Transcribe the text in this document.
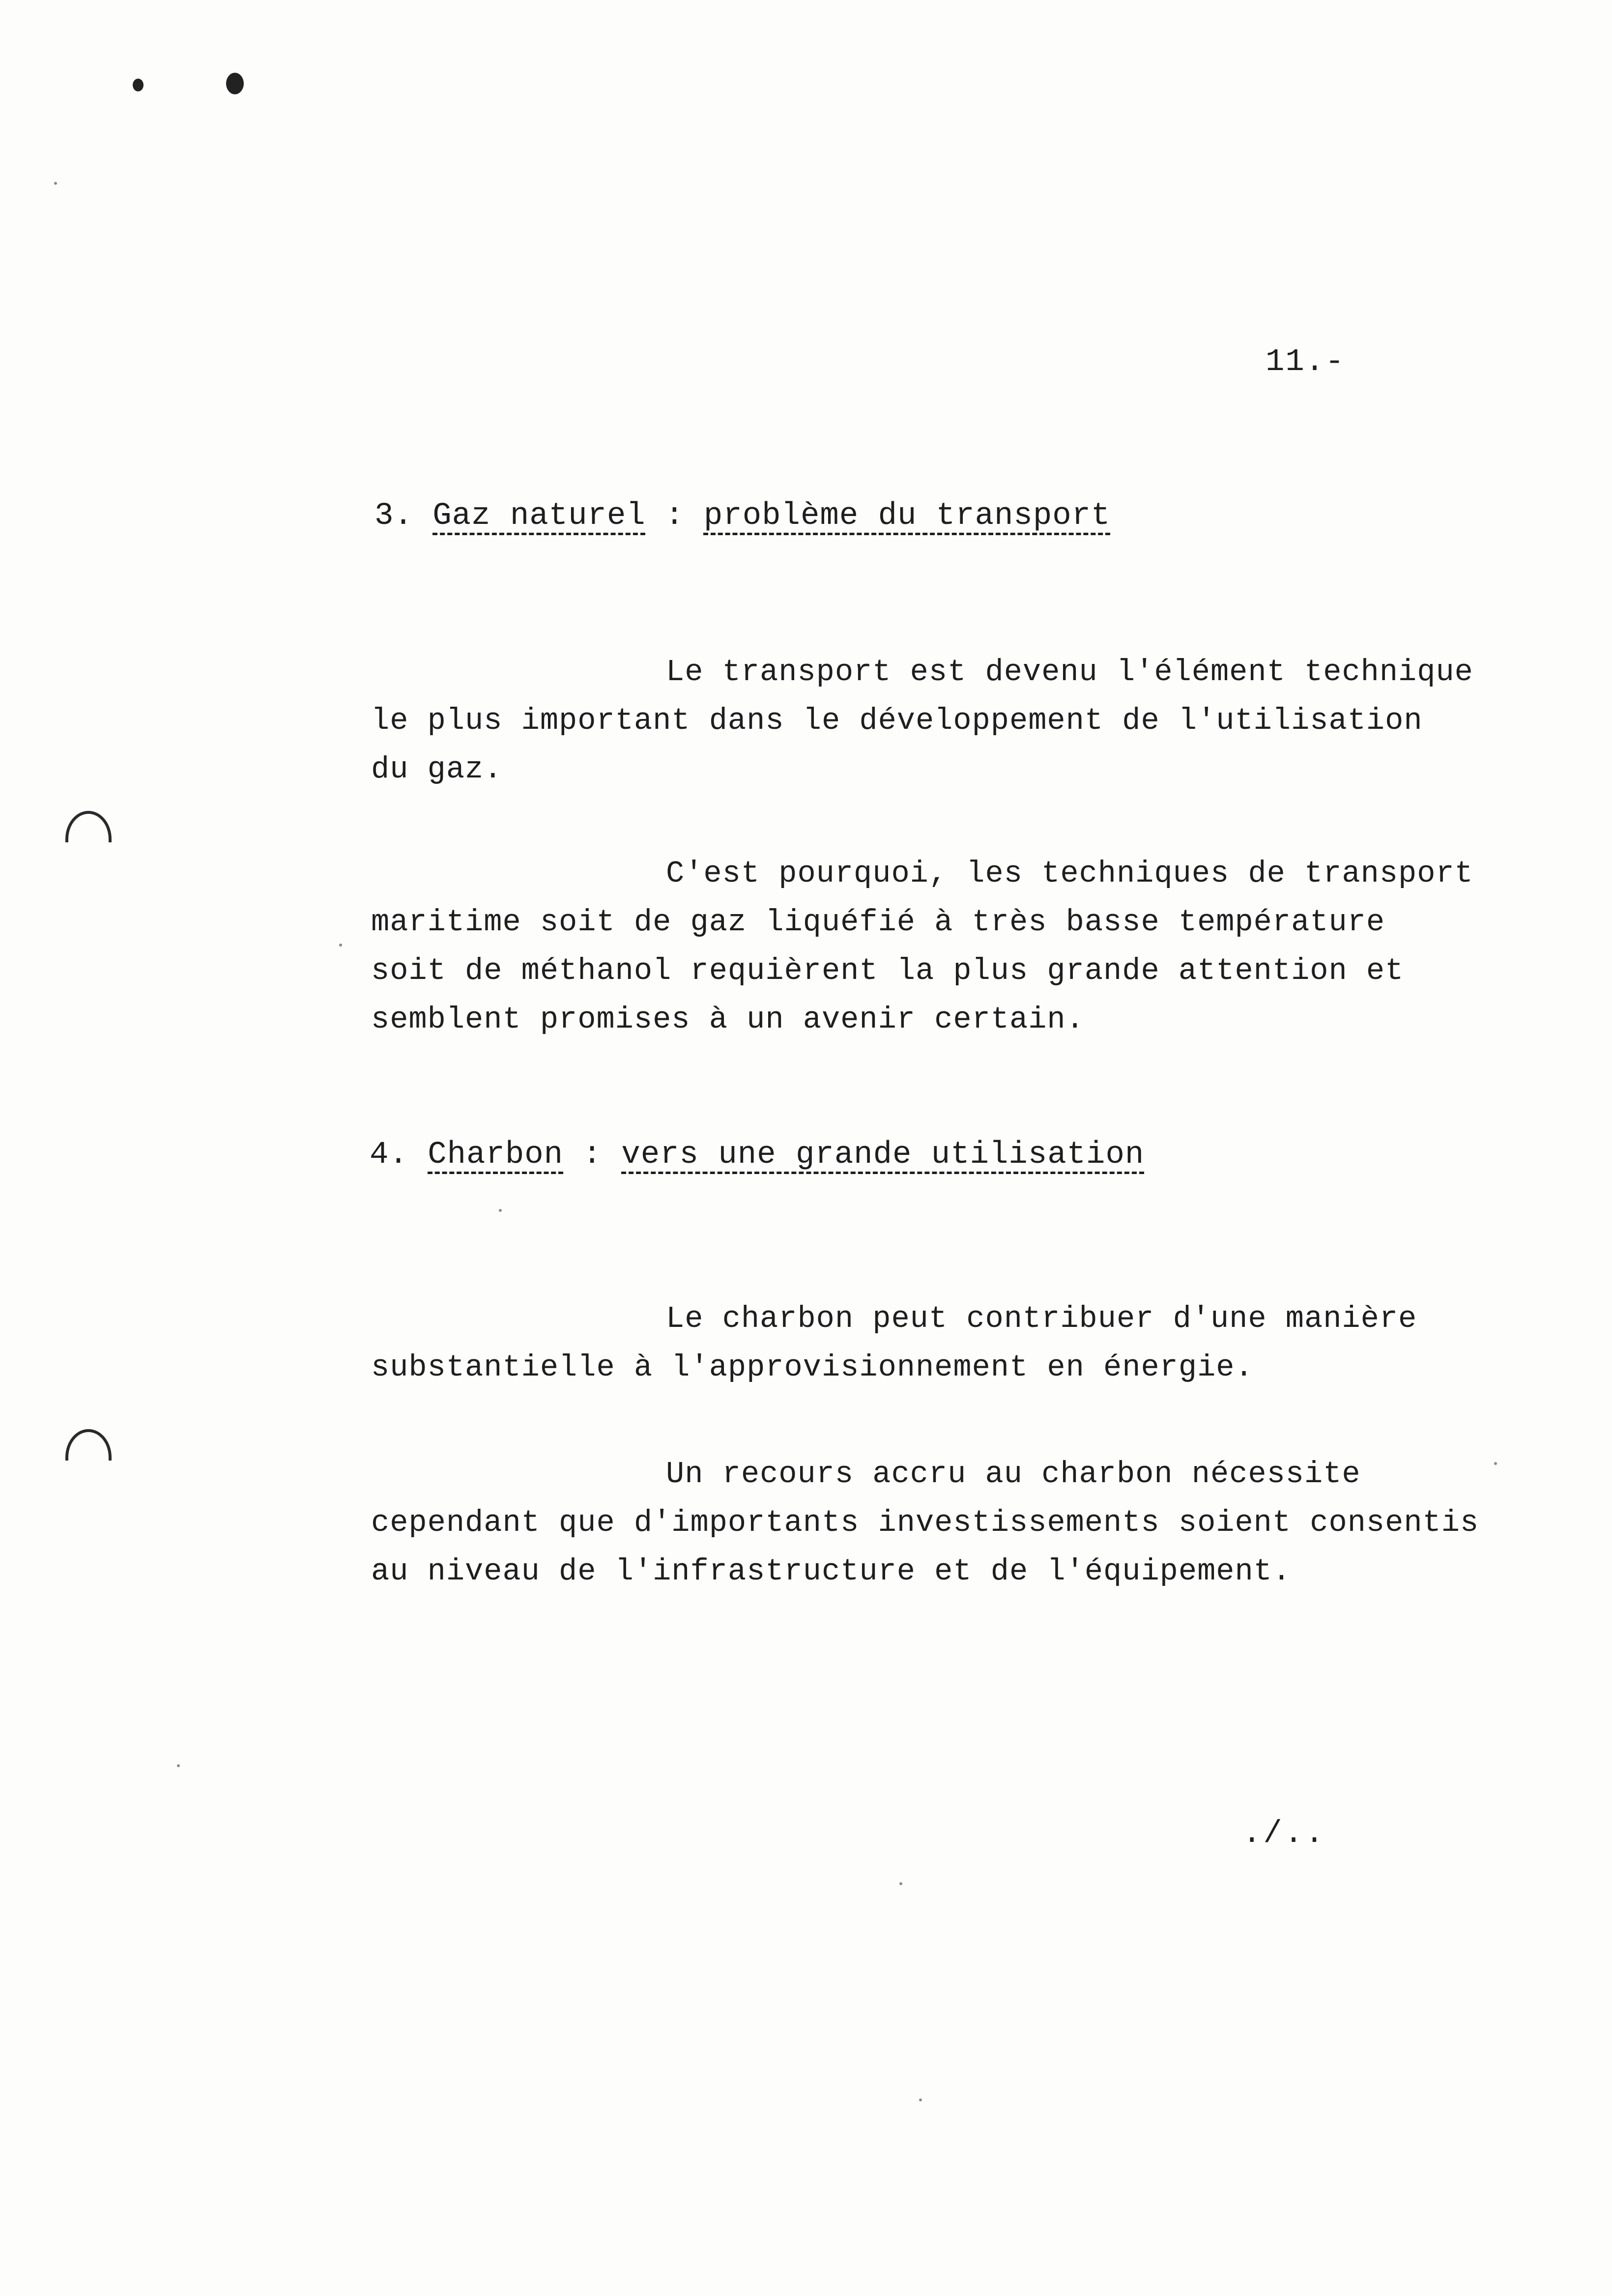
11.-
3. Gaz naturel : problème du transport
Le transport est devenu l'élément technique
le plus important dans le développement de l'utilisation
du gaz.
C'est pourquoi, les techniques de transport
maritime soit de gaz liquéfié à très basse température
soit de méthanol requièrent la plus grande attention et
semblent promises à un avenir certain.
4. Charbon : vers une grande utilisation
Le charbon peut contribuer d'une manière
substantielle à l'approvisionnement en énergie.
Un recours accru au charbon nécessite
cependant que d'importants investissements soient consentis
au niveau de l'infrastructure et de l'équipement.
./..
